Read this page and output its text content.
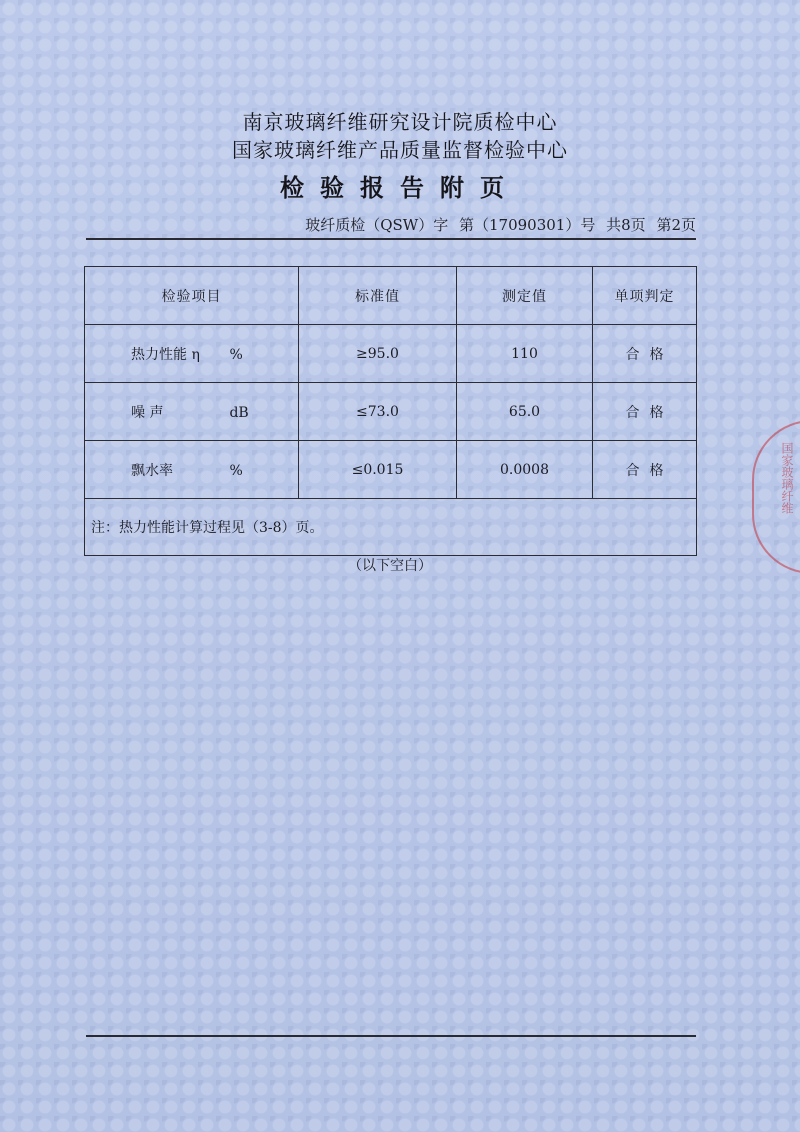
南京玻璃纤维研究设计院质检中心
国家玻璃纤维产品质量监督检验中心
检验报告附页
玻纤质检（QSW）字 第（17090301）号 共8页 第2页
检验项目	标准值	测定值	单项判定
热力性能 η %	≥95.0	110	合格
噪 声 dB	≤73.0	65.0	合格
飘水率 %	≤0.015	0.0008	合格
注：热力性能计算过程见（3-8）页。			
（以下空白）
国家玻璃纤维
